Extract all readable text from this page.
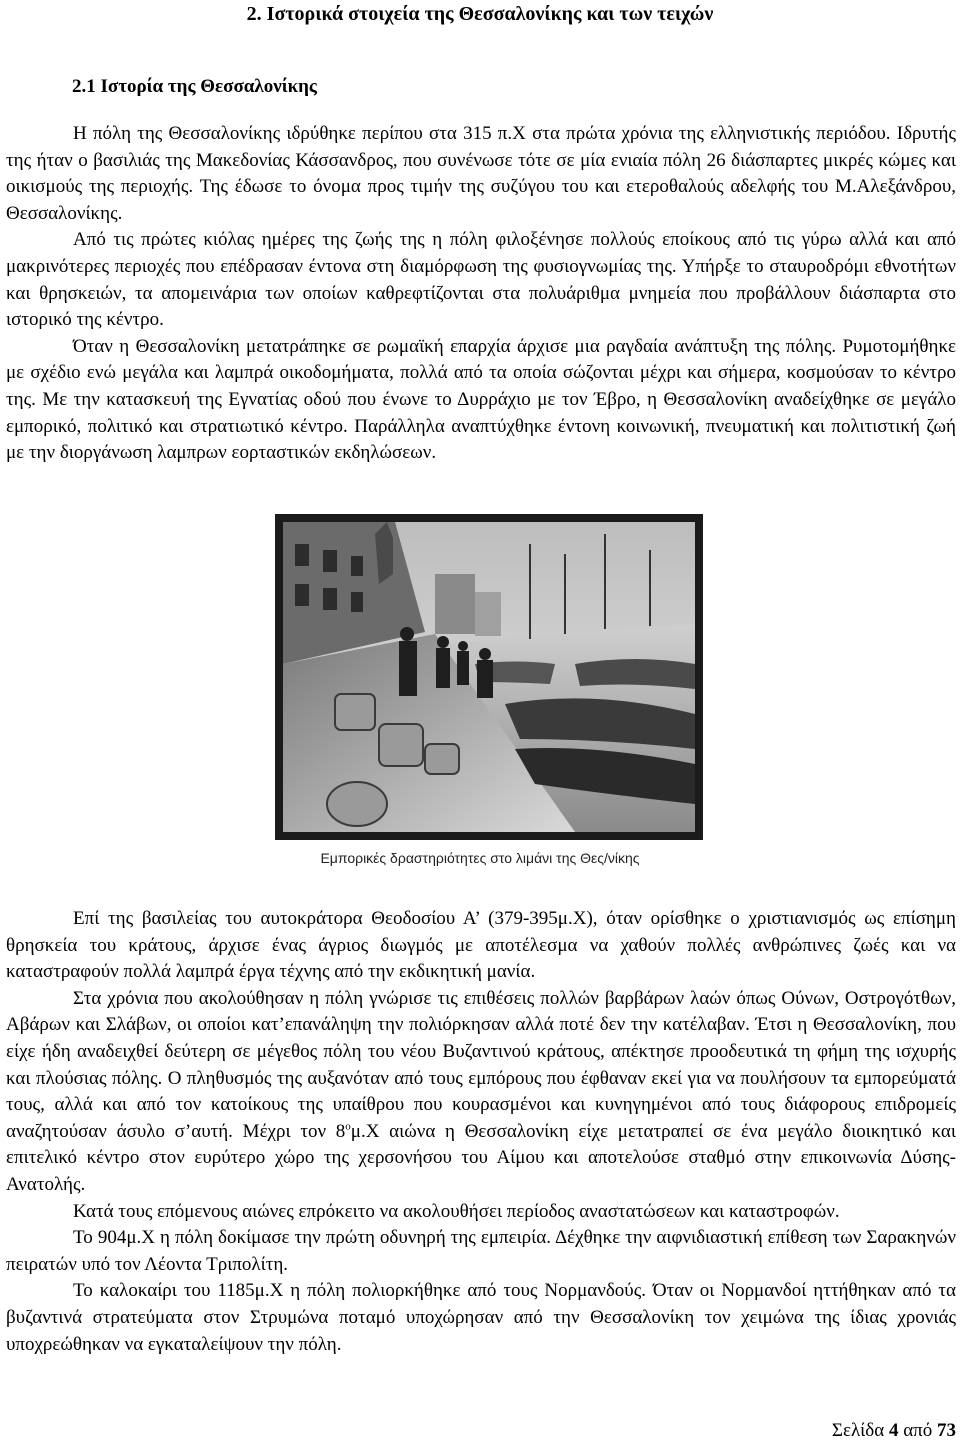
2. Ιστορικά στοιχεία της Θεσσαλονίκης και των τειχών
2.1 Ιστορία της Θεσσαλονίκης

Η πόλη της Θεσσαλονίκης ιδρύθηκε περίπου στα 315 π.Χ στα πρώτα χρόνια της ελληνιστικής περιόδου. Ιδρυτής της ήταν ο βασιλιάς της Μακεδονίας Κάσσανδρος, που συνένωσε τότε σε μία ενιαία πόλη 26 διάσπαρτες μικρές κώμες και οικισμούς της περιοχής. Της έδωσε το όνομα προς τιμήν της συζύγου του και ετεροθαλούς αδελφής του Μ.Αλεξάνδρου, Θεσσαλονίκης.

Από τις πρώτες κιόλας ημέρες της ζωής της η πόλη φιλοξένησε πολλούς εποίκους από τις γύρω αλλά και από μακρινότερες περιοχές που επέδρασαν έντονα στη διαμόρφωση της φυσιογνωμίας της. Υπήρξε το σταυροδρόμι εθνοτήτων και θρησκειών, τα απομεινάρια των οποίων καθρεφτίζονται στα πολυάριθμα μνημεία που προβάλλουν διάσπαρτα στο ιστορικό της κέντρο.

Όταν η Θεσσαλονίκη μετατράπηκε σε ρωμαϊκή επαρχία άρχισε μια ραγδαία ανάπτυξη της πόλης. Ρυμοτομήθηκε με σχέδιο ενώ μεγάλα και λαμπρά οικοδομήματα, πολλά από τα οποία σώζονται μέχρι και σήμερα, κοσμούσαν το κέντρο της. Με την κατασκευή της Εγνατίας οδού που ένωνε το Δυρράχιο με τον Έβρο, η Θεσσαλονίκη αναδείχθηκε σε μεγάλο εμπορικό, πολιτικό και στρατιωτικό κέντρο. Παράλληλα αναπτύχθηκε έντονη κοινωνική, πνευματική και πολιτιστική ζωή με την διοργάνωση λαμπρων εορταστικών εκδηλώσεων.

Εμπορικές δραστηριότητες στο λιμάνι της Θες/νίκης

Επί της βασιλείας του αυτοκράτορα Θεοδοσίου Α’ (379-395μ.Χ), όταν ορίσθηκε ο χριστιανισμός ως επίσημη θρησκεία του κράτους, άρχισε ένας άγριος διωγμός με αποτέλεσμα να χαθούν πολλές ανθρώπινες ζωές και να καταστραφούν πολλά λαμπρά έργα τέχνης από την εκδικητική μανία.

Στα χρόνια που ακολούθησαν η πόλη γνώρισε τις επιθέσεις πολλών βαρβάρων λαών όπως Ούνων, Οστρογότθων, Αβάρων και Σλάβων, οι οποίοι κατ’επανάληψη την πολιόρκησαν αλλά ποτέ δεν την κατέλαβαν. Έτσι η Θεσσαλονίκη, που είχε ήδη αναδειχθεί δεύτερη σε μέγεθος πόλη του νέου Βυζαντινού κράτους, απέκτησε προοδευτικά τη φήμη της ισχυρής και πλούσιας πόλης. Ο πληθυσμός της αυξανόταν από τους εμπόρους που έφθαναν εκεί για να πουλήσουν τα εμπορεύματά τους, αλλά και από τον κατοίκους της υπαίθρου που κουρασμένοι και κυνηγημένοι από τους διάφορους επιδρομείς αναζητούσαν άσυλο σ’αυτή. Μέχρι τον $8^o\mu.X$ αιώνα η Θεσσαλονίκη είχε μετατραπεί σε ένα μεγάλο διοικητικό και επιτελικό κέντρο στον ευρύτερο χώρο της χερσονήσου του Αίμου και αποτελούσε σταθμό στην επικοινωνία Δύσης-Ανατολής.

Κατά τους επόμενους αιώνες επρόκειτο να ακολουθήσει περίοδος αναστατώσεων και καταστροφών.

Το 904μ.Χ η πόλη δοκίμασε την πρώτη οδυνηρή της εμπειρία. Δέχθηκε την αιφνιδιαστική επίθεση των Σαρακηνών πειρατών υπό τον Λέοντα Τριπολίτη.

Το καλοκαίρι του 1185μ.Χ η πόλη πολιορκήθηκε από τους Νορμανδούς. Όταν οι Νορμανδοί ηττήθηκαν από τα βυζαντινά στρατεύματα στον Στρυμώνα ποταμό υποχώρησαν από την Θεσσαλονίκη τον χειμώνα της ίδιας χρονιάς υποχρεώθηκαν να εγκαταλείψουν την πόλη.

Σελίδα 4 από 73
